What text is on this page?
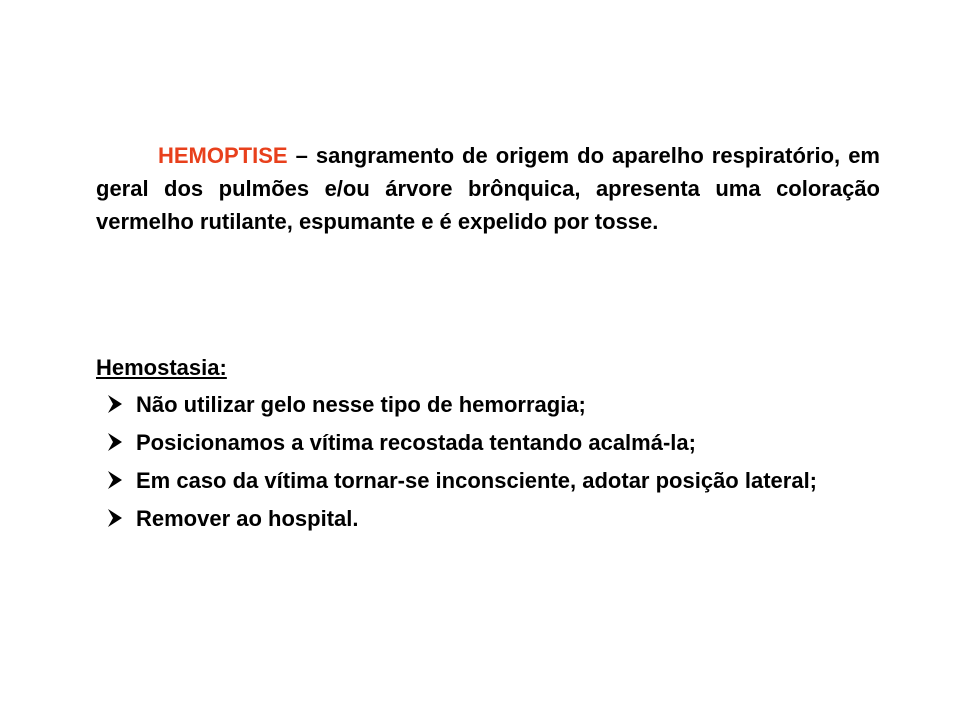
HEMOPTISE – sangramento de origem do aparelho respiratório, em geral dos pulmões e/ou árvore brônquica, apresenta uma coloração vermelho rutilante, espumante e é expelido por tosse.

Hemostasia:
Não utilizar gelo nesse tipo de hemorragia;
Posicionamos a vítima recostada tentando acalmá-la;
Em caso da vítima tornar-se inconsciente, adotar posição lateral;
Remover ao hospital.
